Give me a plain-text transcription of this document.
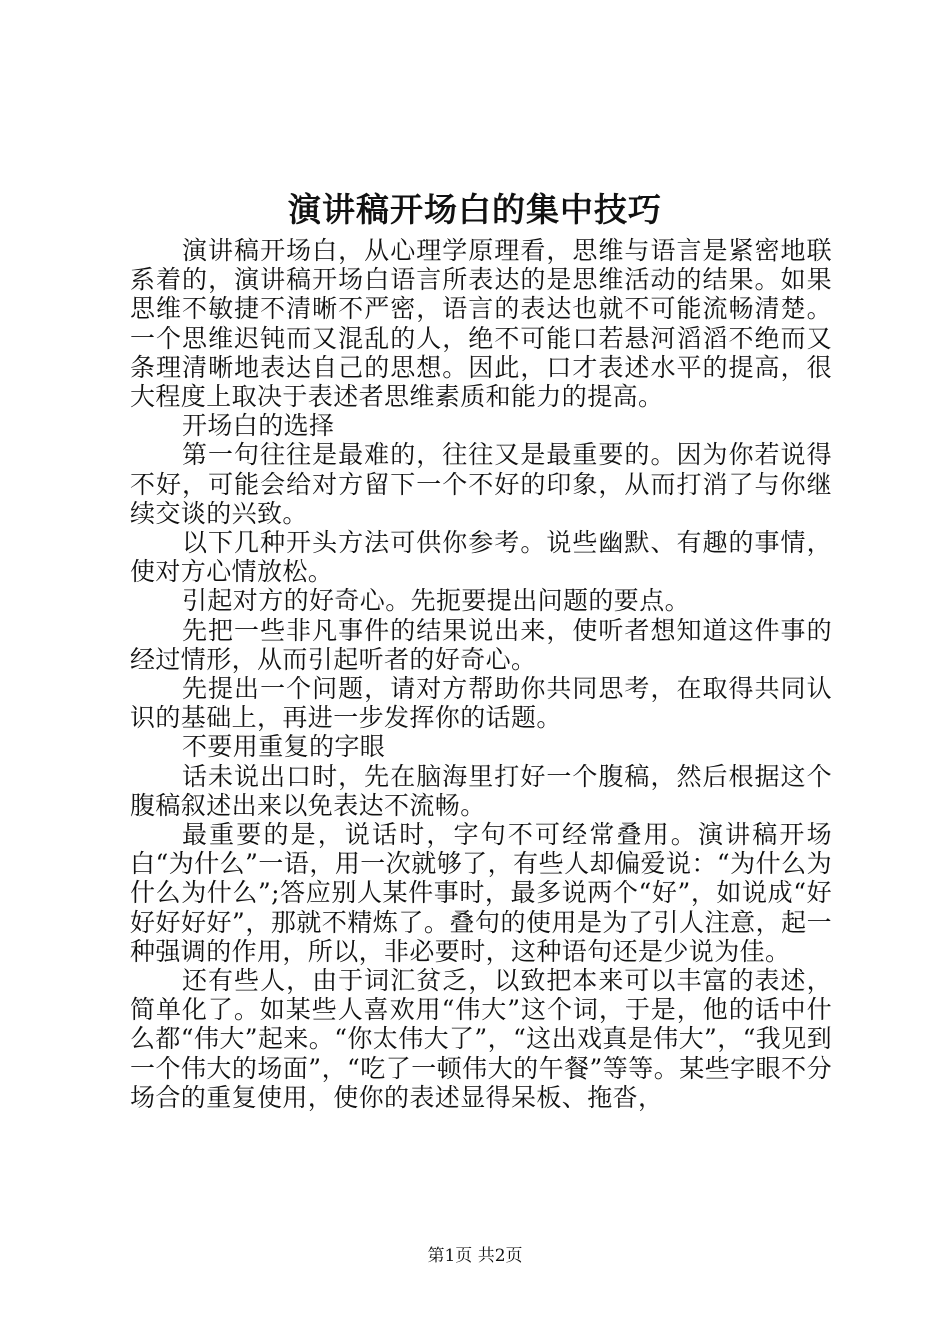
演讲稿开场白的集中技巧

演讲稿开场白，从心理学原理看，思维与语言是紧密地联系着的，演讲稿开场白语言所表达的是思维活动的结果。如果思维不敏捷不清晰不严密，语言的表达也就不可能流畅清楚。一个思维迟钝而又混乱的人，绝不可能口若悬河滔滔不绝而又条理清晰地表达自己的思想。因此，口才表述水平的提高，很大程度上取决于表述者思维素质和能力的提高。

开场白的选择

第一句往往是最难的，往往又是最重要的。因为你若说得不好，可能会给对方留下一个不好的印象，从而打消了与你继续交谈的兴致。

以下几种开头方法可供你参考。说些幽默、有趣的事情，使对方心情放松。

引起对方的好奇心。先扼要提出问题的要点。

先把一些非凡事件的结果说出来，使听者想知道这件事的经过情形，从而引起听者的好奇心。

先提出一个问题，请对方帮助你共同思考，在取得共同认识的基础上，再进一步发挥你的话题。

不要用重复的字眼

话未说出口时，先在脑海里打好一个腹稿，然后根据这个腹稿叙述出来以免表达不流畅。

最重要的是，说话时，字句不可经常叠用。演讲稿开场白“为什么”一语，用一次就够了，有些人却偏爱说：“为什么为什么为什么”;答应别人某件事时，最多说两个“好”，如说成“好好好好好”，那就不精炼了。叠句的使用是为了引人注意，起一种强调的作用，所以，非必要时，这种语句还是少说为佳。

还有些人，由于词汇贫乏，以致把本来可以丰富的表述，简单化了。如某些人喜欢用“伟大”这个词，于是，他的话中什么都“伟大”起来。“你太伟大了”，“这出戏真是伟大”，“我见到一个伟大的场面”，“吃了一顿伟大的午餐”等等。某些字眼不分场合的重复使用，使你的表述显得呆板、拖沓，

第1页 共2页
